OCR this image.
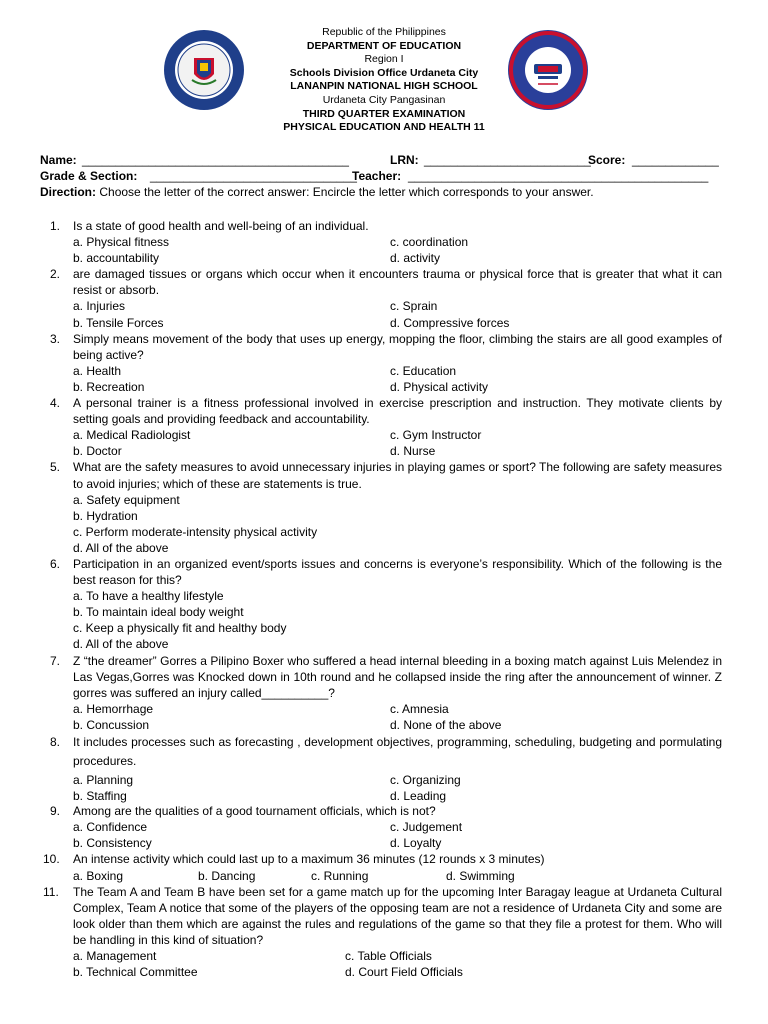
Republic of the Philippines
DEPARTMENT OF EDUCATION
Region I
Schools Division Office Urdaneta City
LANANPIN NATIONAL HIGH SCHOOL
Urdaneta City Pangasinan
THIRD QUARTER EXAMINATION
PHYSICAL EDUCATION AND HEALTH 11
Name: ________________________________________	LRN: _________________________
Score: _____________
Grade & Section: _______________________________
Teacher: _____________________________________________
Direction: Choose the letter of the correct answer: Encircle the letter which corresponds to your answer.
1. Is a state of good health and well-being of an individual.
a. Physical fitness	c. coordination
b. accountability	d. activity
2. are damaged tissues or organs which occur when it encounters trauma or physical force that is greater that what it can resist or absorb.
a. Injuries	c. Sprain
b. Tensile Forces	d. Compressive forces
3. Simply means movement of the body that uses up energy, mopping the floor, climbing the stairs are all good examples of being active?
a. Health	c. Education
b. Recreation	d. Physical activity
4. A personal trainer is a fitness professional involved in exercise prescription and instruction. They motivate clients by setting goals and providing feedback and accountability.
a. Medical Radiologist	c. Gym Instructor
b. Doctor	d. Nurse
5. What are the safety measures to avoid unnecessary injuries in playing games or sport? The following are safety measures to avoid injuries; which of these are statements is true.
a. Safety equipment
b. Hydration
c. Perform moderate-intensity physical activity
d. All of the above
6. Participation in an organized event/sports issues and concerns is everyone’s responsibility. Which of the following is the best reason for this?
a. To have a healthy lifestyle
b. To maintain ideal body weight
c. Keep a physically fit and healthy body
d. All of the above
7. Z “the dreamer” Gorres a Pilipino Boxer who suffered a head internal bleeding in a boxing match against Luis Melendez in Las Vegas,Gorres was Knocked down in 10th round and he collapsed inside the ring after the announcement of winner. Z gorres was suffered an injury called__________?
a. Hemorrhage	c. Amnesia
b. Concussion	d. None of the above
8. It includes processes such as forecasting , development objectives, programming, scheduling, budgeting and pormulating procedures.
a. Planning	c. Organizing
b. Staffing	d. Leading
9. Among are the qualities of a good tournament officials, which is not?
a. Confidence	c. Judgement
b. Consistency	d. Loyalty
10. An intense activity which could last up to a maximum 36 minutes (12 rounds x 3 minutes)
a. Boxing	b. Dancing	c. Running	d. Swimming
11. The Team A and Team B have been set for a game match up for the upcoming Inter Baragay league at Urdaneta Cultural Complex, Team A notice that some of the players of the opposing team are not a residence of Urdaneta City and some are look older than them which are against the rules and regulations of the game so that they file a protest for them. Who will be handling in this kind of situation?
a. Management	c. Table Officials
b. Technical Committee	d. Court Field Officials
